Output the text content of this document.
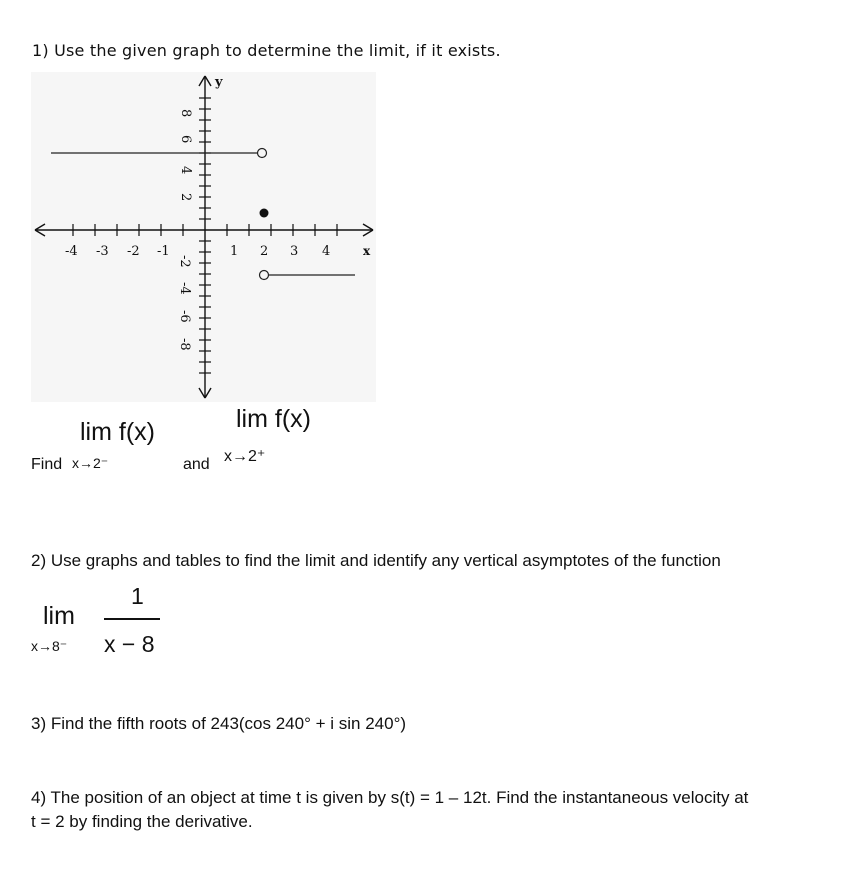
1) Use the given graph to determine the limit, if it exists.
y
x
-4 -3 -2 -1	1 2 3 4
8
6
4
2
-2
-4
-6
-8
lim f(x)
Find x→2⁻	and
lim f(x)
x→2⁺
2) Use graphs and tables to find the limit and identify any vertical asymptotes of the function
1
lim
x→8⁻ x − 8
3) Find the fifth roots of 243(cos 240° + i sin 240°)
4) The position of an object at time t is given by s(t) = 1 – 12t. Find the instantaneous velocity at
t = 2 by finding the derivative.
